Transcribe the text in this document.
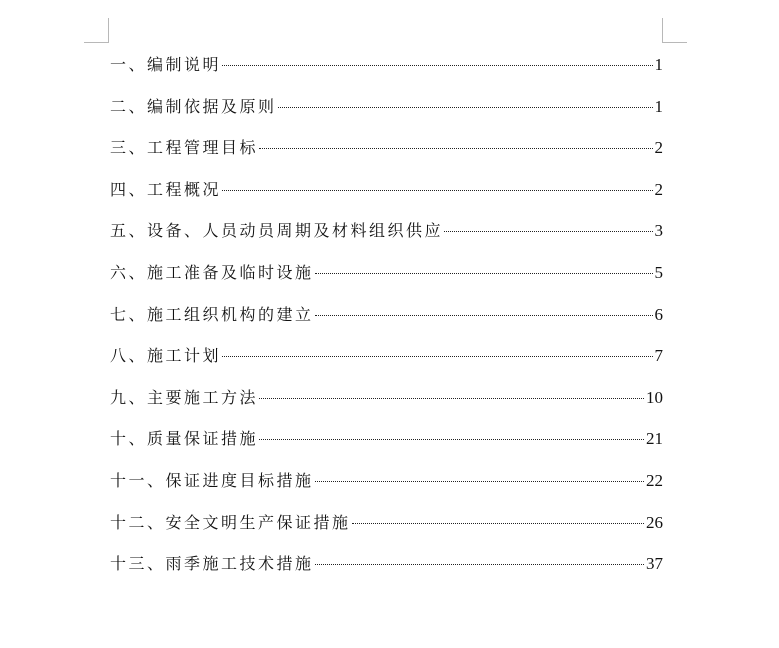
一、编制说明	1
二、编制依据及原则	1
三、工程管理目标	2
四、工程概况	2
五、设备、人员动员周期及材料组织供应	3
六、施工准备及临时设施	5
七、施工组织机构的建立	6
八、施工计划	7
九、主要施工方法	10
十、质量保证措施	21
十一、保证进度目标措施	22
十二、安全文明生产保证措施	26
十三、雨季施工技术措施	37
